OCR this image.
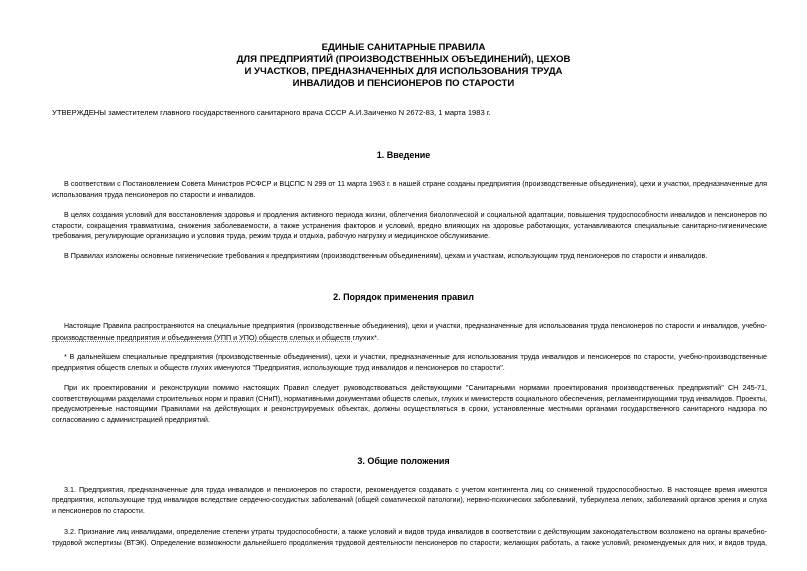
ЕДИНЫЕ САНИТАРНЫЕ ПРАВИЛА
ДЛЯ ПРЕДПРИЯТИЙ (ПРОИЗВОДСТВЕННЫХ ОБЪЕДИНЕНИЙ), ЦЕХОВ
И УЧАСТКОВ, ПРЕДНАЗНАЧЕННЫХ ДЛЯ ИСПОЛЬЗОВАНИЯ ТРУДА
ИНВАЛИДОВ И ПЕНСИОНЕРОВ ПО СТАРОСТИ
УТВЕРЖДЕНЫ заместителем главного государственного санитарного врача СССР А.И.Заиченко N 2672-83, 1 марта 1983 г.
1. Введение
В соответствии с Постановлением Совета Министров РСФСР и ВЦСПС N 299 от 11 марта 1963 г. в нашей стране созданы предприятия (производственные объединения), цехи и участки, предназначенные для
использования труда пенсионеров по старости и инвалидов.
В целях создания условий для восстановления здоровья и продления активного периода жизни, облегчения биологической и социальной адаптации, повышения трудоспособности инвалидов и пенсионеров по
старости, сокращения травматизма, снижения заболеваемости, а также устранения факторов и условий, вредно влияющих на здоровье работающих, устанавливаются специальные санитарно-гигиенические
требования, регулирующие организацию и условия труда, режим труда и отдыха, рабочую нагрузку и медицинское обслуживание.
В Правилах изложены основные гигиенические требования к предприятиям (производственным объединениям), цехам и участкам, использующим труд пенсионеров по старости и инвалидов.
2. Порядок применения правил
Настоящие Правила распространяются на специальные предприятия (производственные объединения), цехи и участки, предназначенные для использования труда пенсионеров по старости и инвалидов, учебно-
производственные предприятия и объединения (УПП и УПО) обществ слепых и обществ глухих*.
* В дальнейшем специальные предприятия (производственные объединения), цехи и участки, предназначенные для использования труда инвалидов и пенсионеров по старости, учебно-производственные
предприятия обществ слепых и обществ глухих именуются "Предприятия, использующие труд инвалидов и пенсионеров по старости".
При их проектировании и реконструкции помимо настоящих Правил следует руководствоваться действующими "Санитарными нормами проектирования производственных предприятий" СН 245-71,
соответствующими разделами строительных норм и правил (СНиП), нормативными документами обществ слепых, глухих и министерств социального обеспечения, регламентирующими труд инвалидов. Проекты,
предусмотренные настоящими Правилами на действующих и реконструируемых объектах, должны осуществляться в сроки, установленные местными органами государственного санитарного надзора по
согласованию с администрацией предприятий.
3. Общие положения
3.1. Предприятия, предназначенные для труда инвалидов и пенсионеров по старости, рекомендуется создавать с учетом контингента лиц со сниженной трудоспособностью. В настоящее время имеются
предприятия, использующие труд инвалидов вследствие сердечно-сосудистых заболеваний (общей соматической патологии), нервно-психических заболеваний, туберкулеза легких, заболеваний органов зрения и слуха
и пенсионеров по старости.
3.2. Признание лиц инвалидами, определение степени утраты трудоспособности, а также условий и видов труда инвалидов в соответствии с действующим законодательством возложено на органы врачебно-
трудовой экспертизы (ВТЭК). Определение возможности дальнейшего продолжения трудовой деятельности пенсионеров по старости, желающих работать, а также условий, рекомендуемых для них, и видов труда,
